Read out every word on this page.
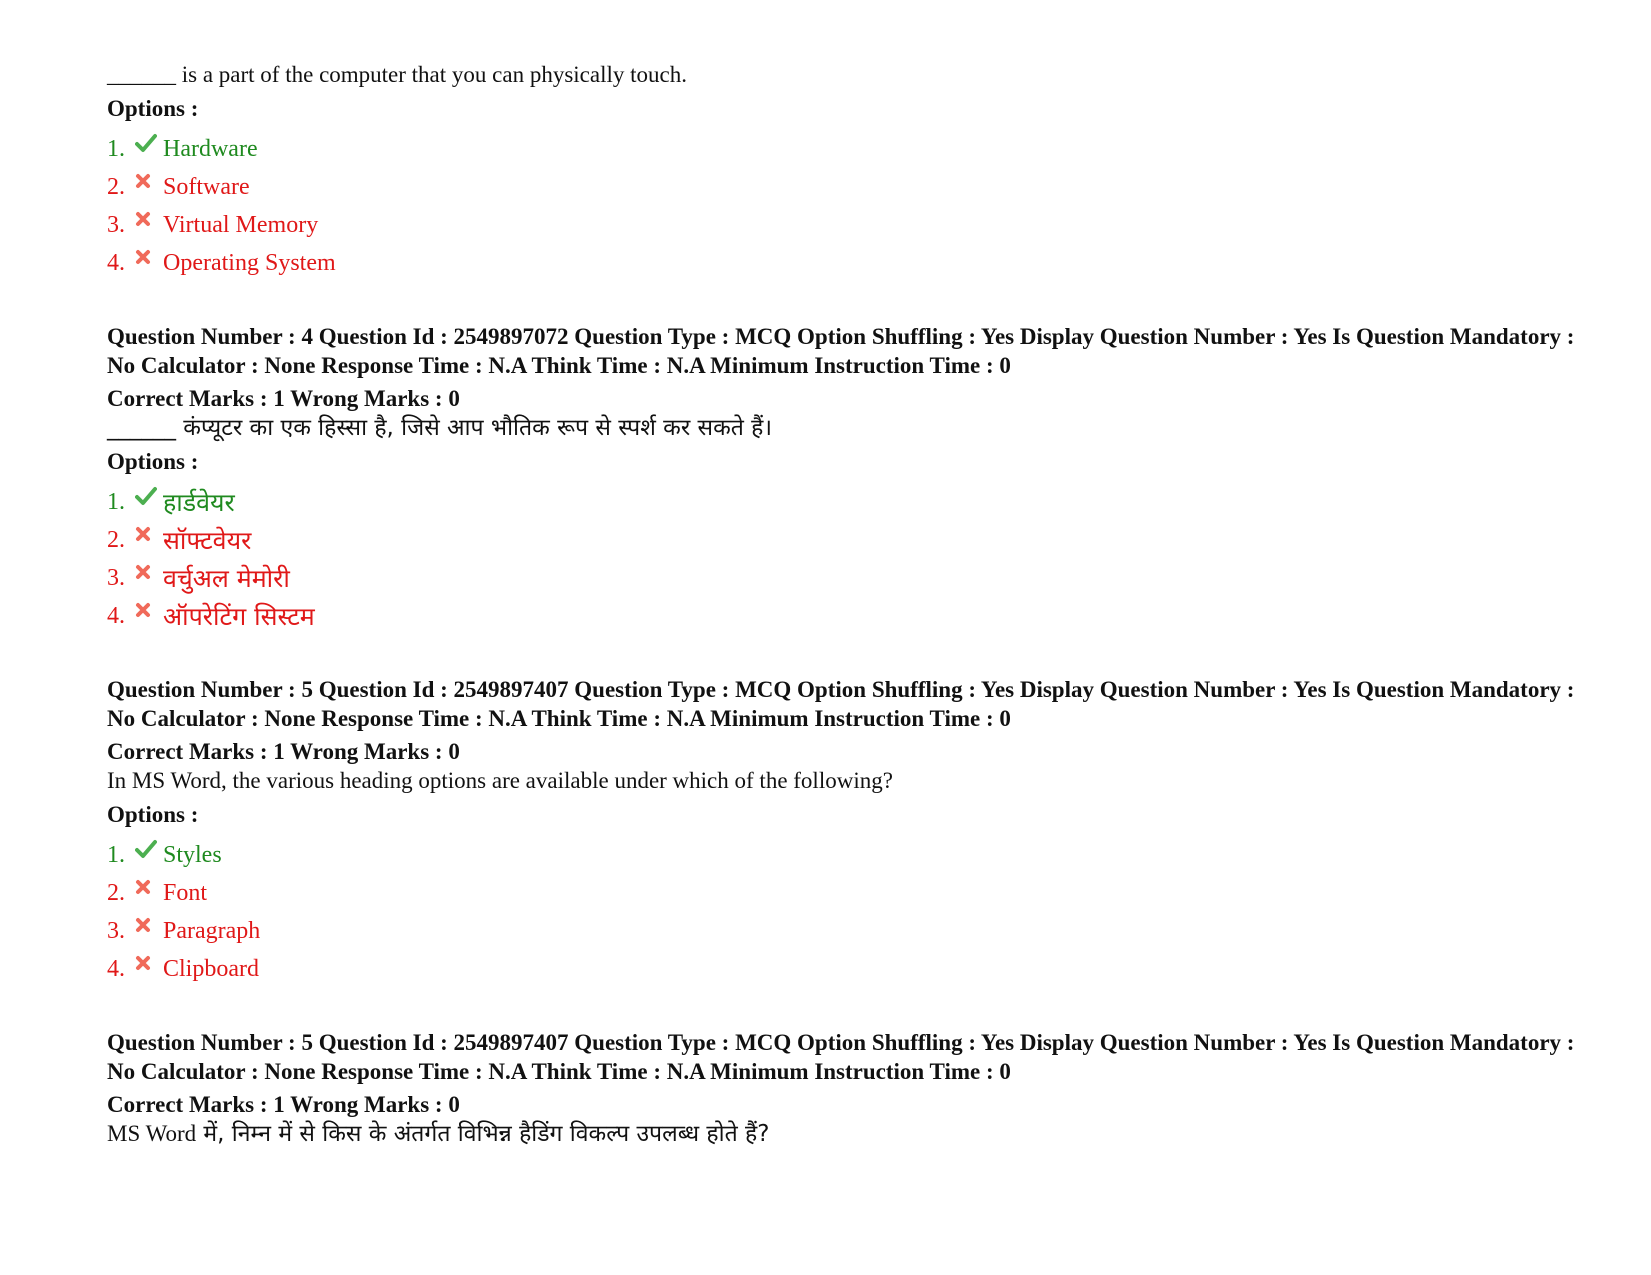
______ is a part of the computer that you can physically touch.

Options :

1.	Hardware
2.	Software
3.	Virtual Memory
4.	Operating System

Question Number : 4 Question Id : 2549897072 Question Type : MCQ Option Shuffling : Yes Display Question Number : Yes Is Question Mandatory : No Calculator : None Response Time : N.A Think Time : N.A Minimum Instruction Time : 0

Correct Marks : 1 Wrong Marks : 0

______ कंप्यूटर का एक हिस्सा है, जिसे आप भौतिक रूप से स्पर्श कर सकते हैं।

Options :

1.	हार्डवेयर
2.	सॉफ्टवेयर
3.	वर्चुअल मेमोरी
4.	ऑपरेटिंग सिस्टम

Question Number : 5 Question Id : 2549897407 Question Type : MCQ Option Shuffling : Yes Display Question Number : Yes Is Question Mandatory : No Calculator : None Response Time : N.A Think Time : N.A Minimum Instruction Time : 0

Correct Marks : 1 Wrong Marks : 0

In MS Word, the various heading options are available under which of the following?

Options :

1.	Styles
2.	Font
3.	Paragraph
4.	Clipboard

Question Number : 5 Question Id : 2549897407 Question Type : MCQ Option Shuffling : Yes Display Question Number : Yes Is Question Mandatory : No Calculator : None Response Time : N.A Think Time : N.A Minimum Instruction Time : 0

Correct Marks : 1 Wrong Marks : 0

MS Word में, निम्न में से किस के अंतर्गत विभिन्न हैडिंग विकल्प उपलब्ध होते हैं?
